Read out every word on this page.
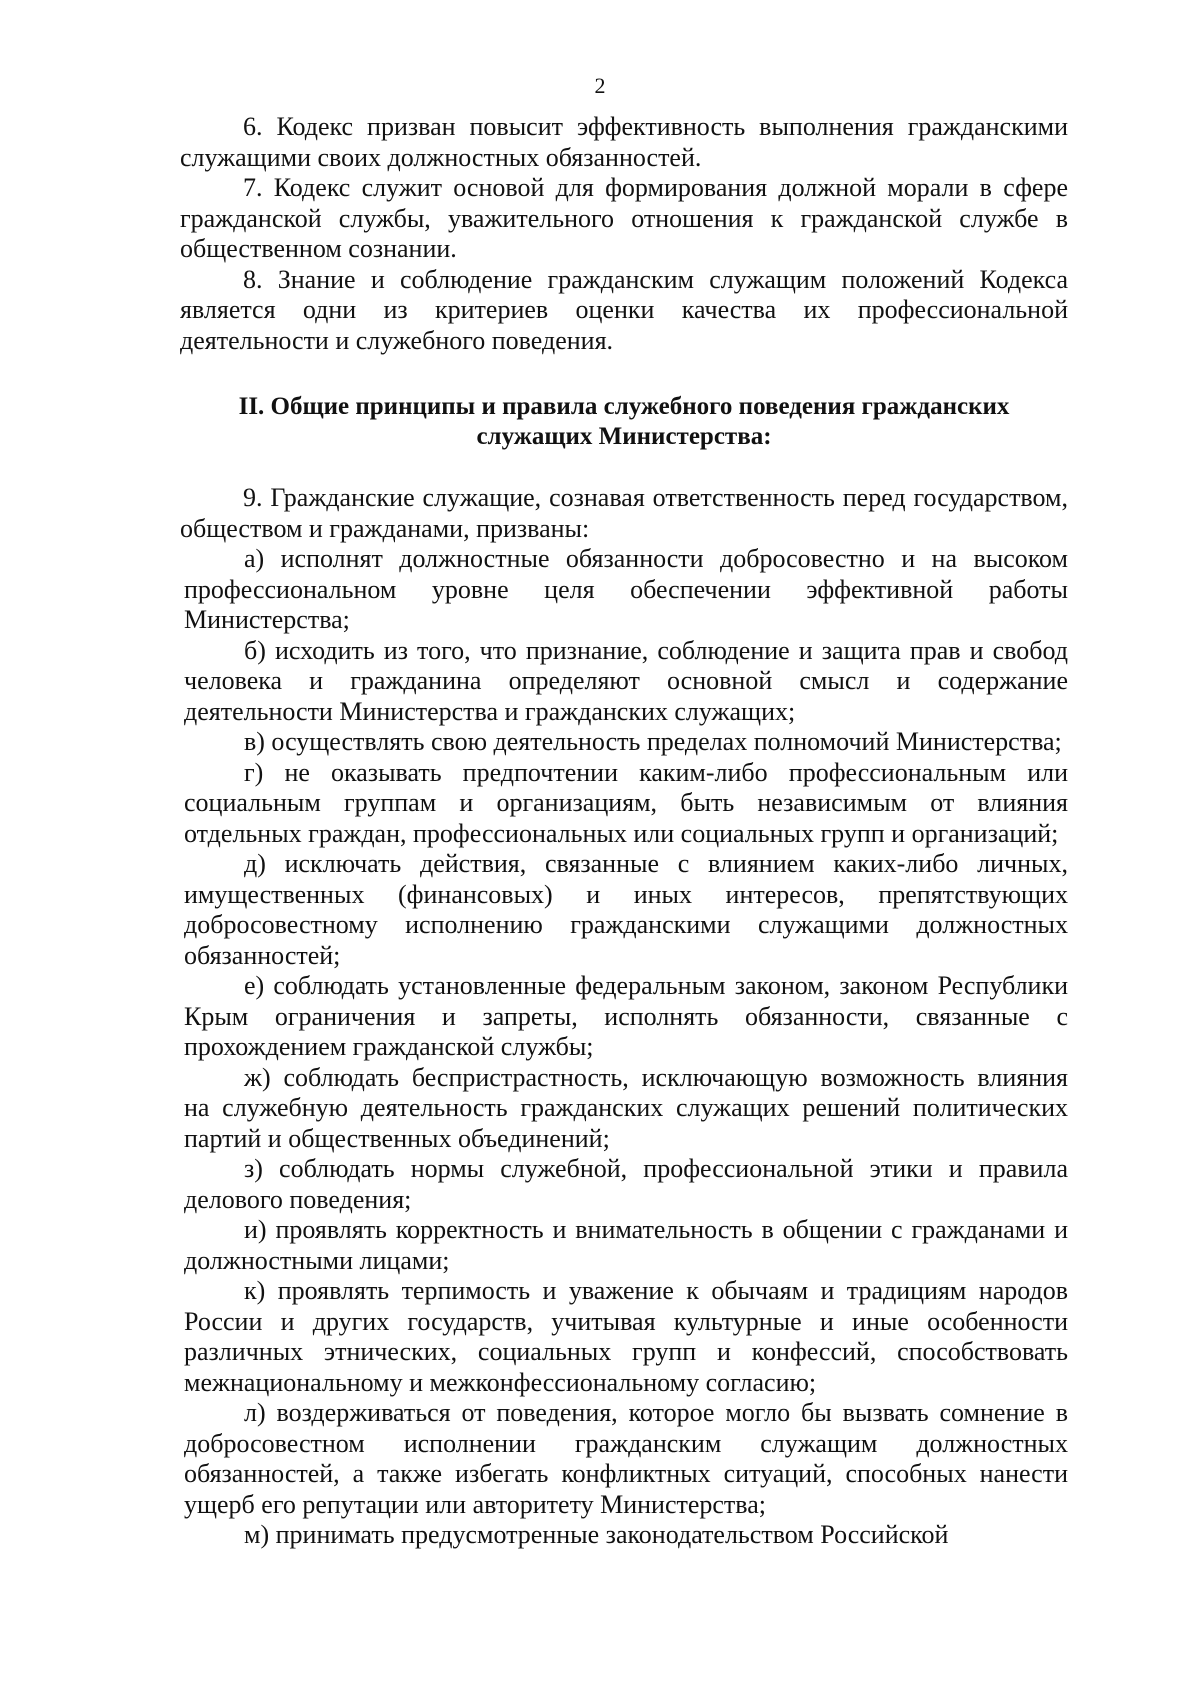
2

6. Кодекс призван повысит эффективность выполнения гражданскими служащими своих должностных обязанностей.

7. Кодекс служит основой для формирования должной морали в сфере гражданской службы, уважительного отношения к гражданской службе в общественном сознании.

8. Знание и соблюдение гражданским служащим положений Кодекса является одни из критериев оценки качества их профессиональной деятельности и служебного поведения.

II. Общие принципы и правила служебного поведения гражданских служащих Министерства:

9. Гражданские служащие, сознавая ответственность перед государством, обществом и гражданами, призваны:

а) исполнят должностные обязанности добросовестно и на высоком профессиональном уровне целя обеспечении эффективной работы Министерства;

б) исходить из того, что признание, соблюдение и защита прав и свобод человека и гражданина определяют основной смысл и содержание деятельности Министерства и гражданских служащих;

в) осуществлять свою деятельность пределах полномочий Министерства;

г) не оказывать предпочтении каким-либо профессиональным или социальным группам и организациям, быть независимым от влияния отдельных граждан, профессиональных или социальных групп и организаций;

д) исключать действия, связанные с влиянием каких-либо личных, имущественных (финансовых) и иных интересов, препятствующих добросовестному исполнению гражданскими служащими должностных обязанностей;

е) соблюдать установленные федеральным законом, законом Республики Крым ограничения и запреты, исполнять обязанности, связанные с прохождением гражданской службы;

ж) соблюдать беспристрастность, исключающую возможность влияния на служебную деятельность гражданских служащих решений политических партий и общественных объединений;

з) соблюдать нормы служебной, профессиональной этики и правила делового поведения;

и) проявлять корректность и внимательность в общении с гражданами и должностными лицами;

к) проявлять терпимость и уважение к обычаям и традициям народов России и других государств, учитывая культурные и иные особенности различных этнических, социальных групп и конфессий, способствовать межнациональному и межконфессиональному согласию;

л) воздерживаться от поведения, которое могло бы вызвать сомнение в добросовестном исполнении гражданским служащим должностных обязанностей, а также избегать конфликтных ситуаций, способных нанести ущерб его репутации или авторитету Министерства;

м) принимать предусмотренные законодательством Российской
